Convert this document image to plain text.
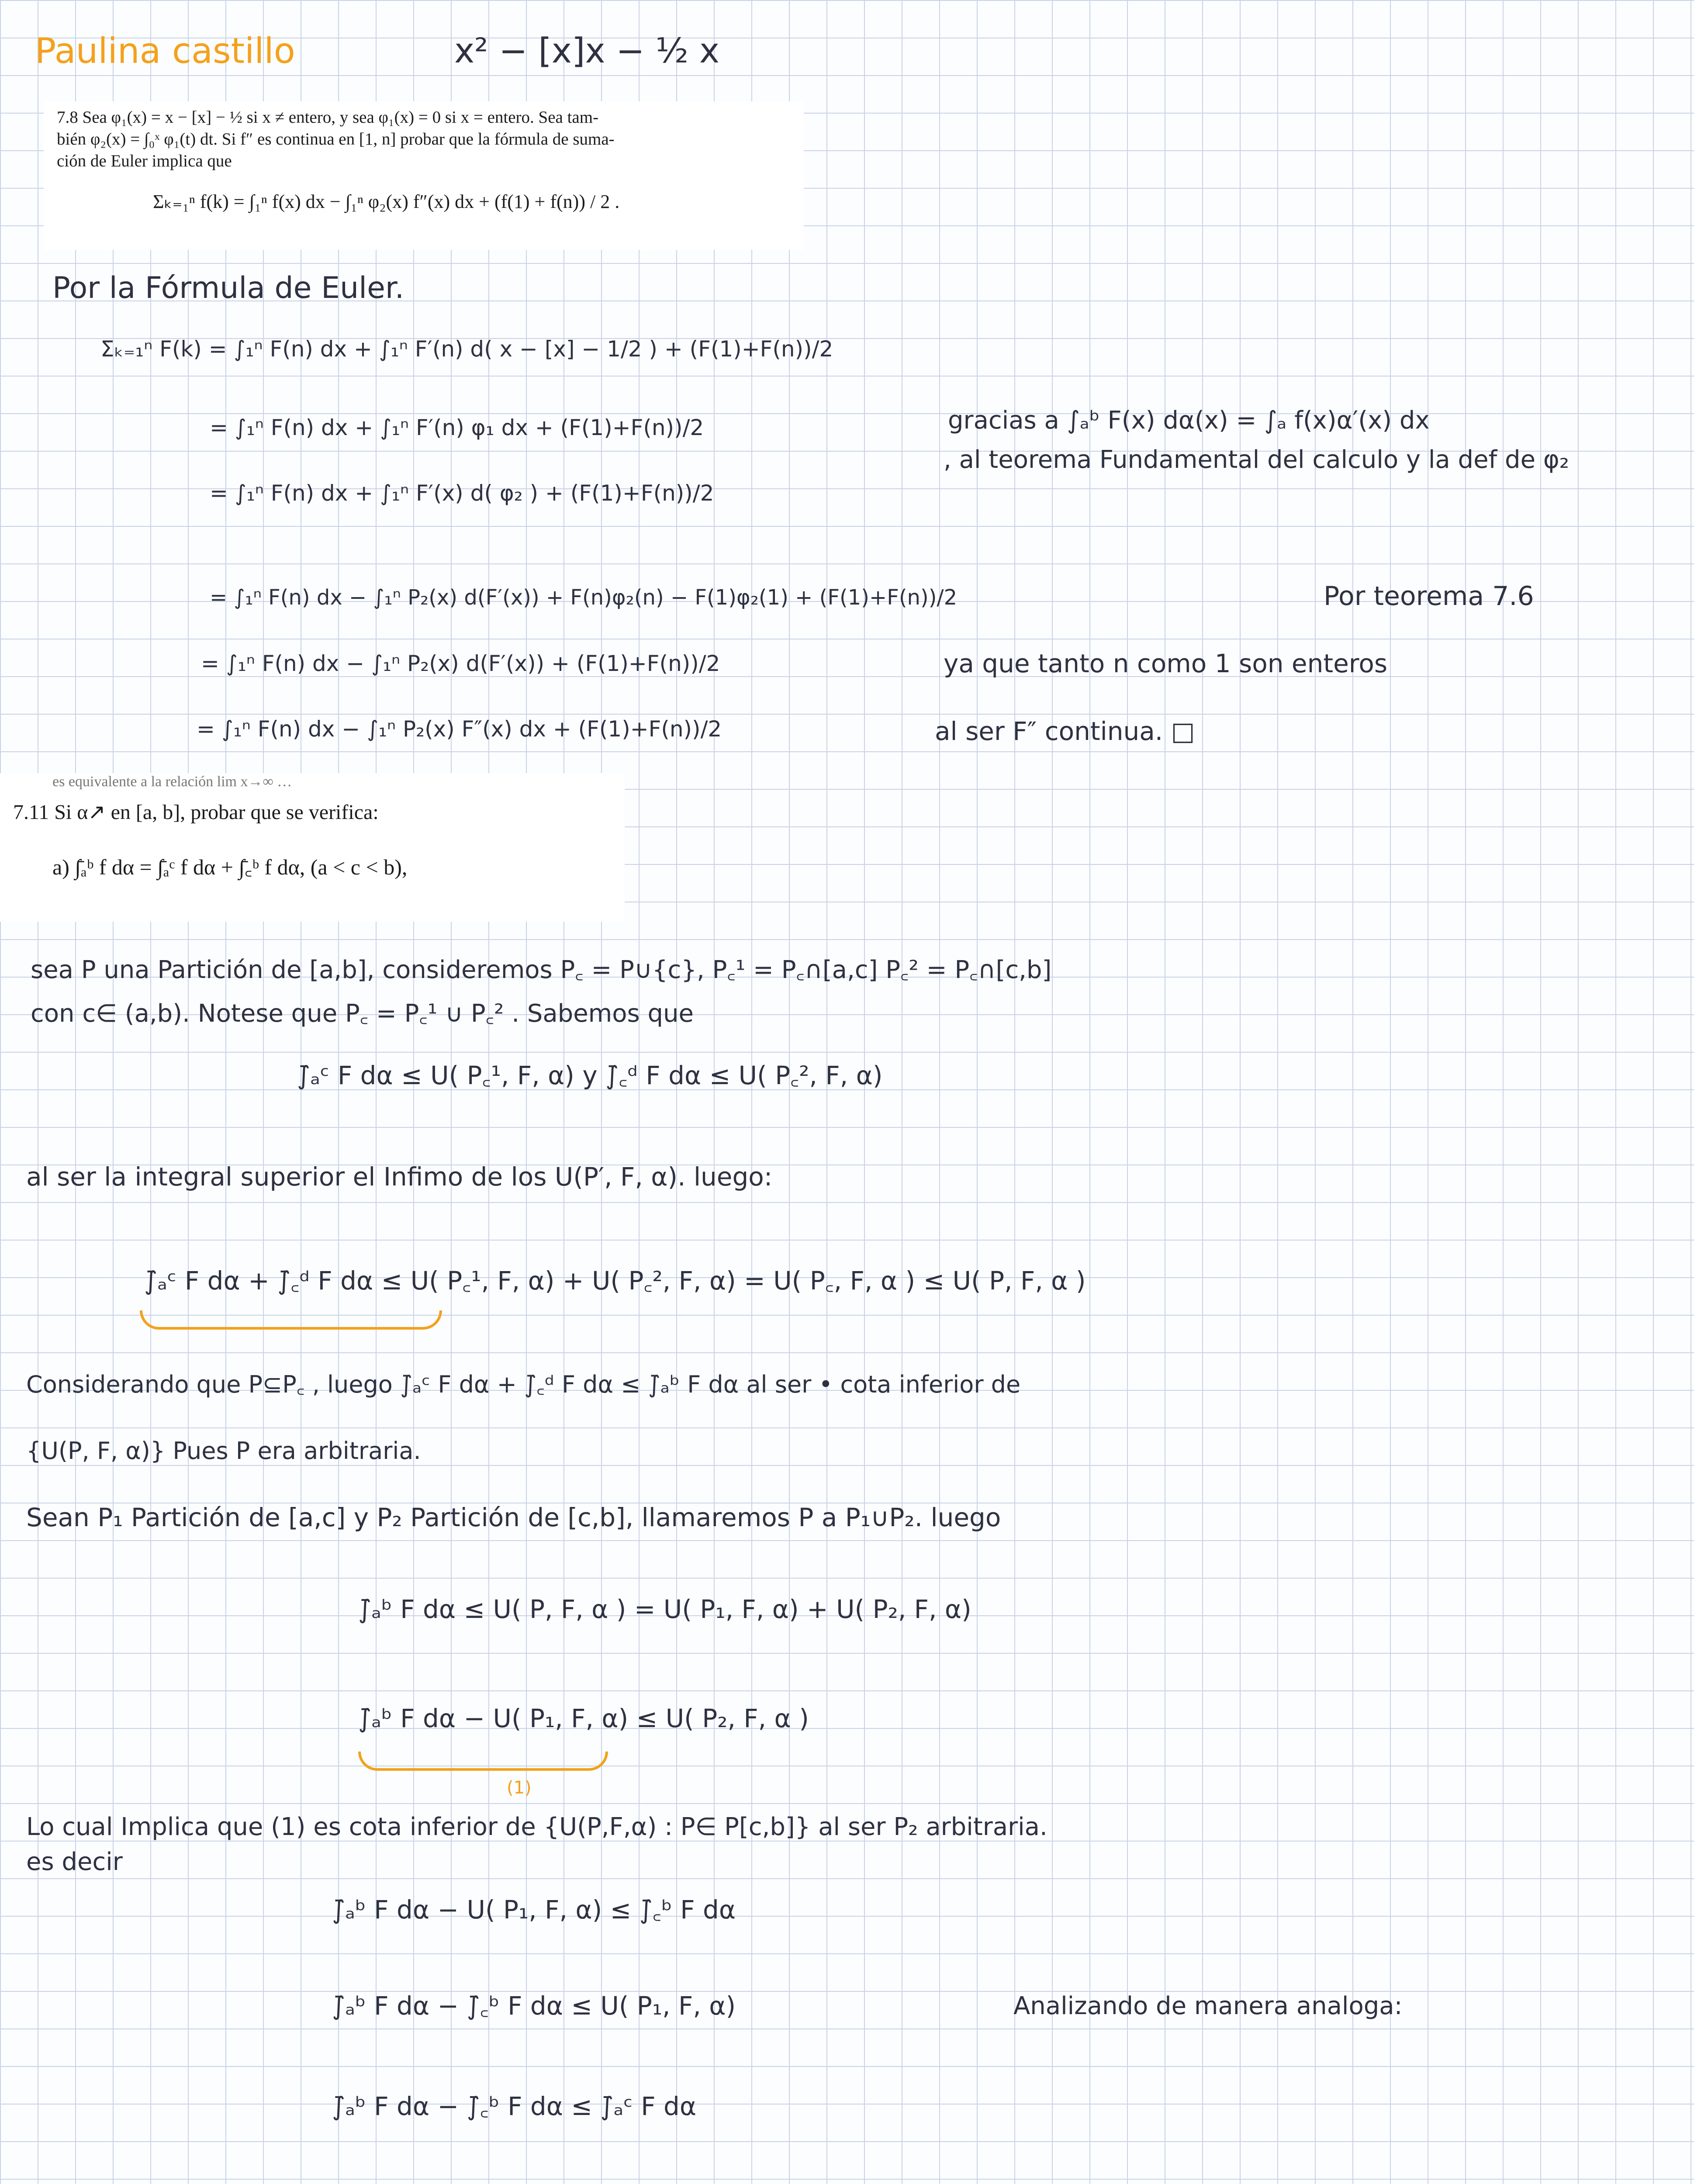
Paulina castillo	x² − [x]x − ½ x
7.8 Sea φ₁(x) = x − [x] − ½ si x ≠ entero, y sea φ₁(x) = 0 si x = entero. Sea tam-
bién φ₂(x) = ∫₀ˣ φ₁(t) dt. Si f″ es continua en [1, n] probar que la fórmula de suma-
ción de Euler implica que
Σₖ₌₁ⁿ f(k) = ∫₁ⁿ f(x) dx − ∫₁ⁿ φ₂(x) f″(x) dx + (f(1) + f(n)) / 2 .
Por la Fórmula de Euler.
Σₖ₌₁ⁿ F(k) = ∫₁ⁿ F(n) dx + ∫₁ⁿ F′(n) d( x − [x] − 1/2 ) + (F(1)+F(n))/2
= ∫₁ⁿ F(n) dx + ∫₁ⁿ F′(n) φ₁ dx + (F(1)+F(n))/2	gracias a ∫ₐᵇ F(x) dα(x) = ∫ₐ f(x)α′(x) dx
= ∫₁ⁿ F(n) dx + ∫₁ⁿ F′(x) d( φ₂ ) + (F(1)+F(n))/2
, al teorema Fundamental del calculo y la def de φ₂
= ∫₁ⁿ F(n) dx − ∫₁ⁿ P₂(x) d(F′(x)) + F(n)φ₂(n) − F(1)φ₂(1) + (F(1)+F(n))/2	Por teorema 7.6
= ∫₁ⁿ F(n) dx − ∫₁ⁿ P₂(x) d(F′(x)) + (F(1)+F(n))/2	ya que tanto n como 1 son enteros
= ∫₁ⁿ F(n) dx − ∫₁ⁿ P₂(x) F″(x) dx + (F(1)+F(n))/2	al ser F″ continua. □
es equivalente a la relación lim x→∞ …
7.11 Si α↗ en [a, b], probar que se verifica:
a) ∫̄ₐᵇ f dα = ∫̄ₐᶜ f dα + ∫̄꜀ᵇ f dα, (a < c < b),
sea P una Partición de [a,b], consideremos P꜀ = P∪{c}, P꜀¹ = P꜀∩[a,c] P꜀² = P꜀∩[c,b]
con c∈ (a,b). Notese que P꜀ = P꜀¹ ∪ P꜀² . Sabemos que
∫̄ₐᶜ F dα ≤ U( P꜀¹, F, α) y ∫̄꜀ᵈ F dα ≤ U( P꜀², F, α)
al ser la integral superior el Infimo de los U(P′, F, α). luego:
∫̄ₐᶜ F dα + ∫̄꜀ᵈ F dα ≤ U( P꜀¹, F, α) + U( P꜀², F, α) = U( P꜀, F, α ) ≤ U( P, F, α )
Considerando que P⊆P꜀ , luego ∫̄ₐᶜ F dα + ∫̄꜀ᵈ F dα ≤ ∫̄ₐᵇ F dα al ser • cota inferior de
{U(P, F, α)} Pues P era arbitraria.
Sean P₁ Partición de [a,c] y P₂ Partición de [c,b], llamaremos P a P₁∪P₂. luego
∫̄ₐᵇ F dα ≤ U( P, F, α ) = U( P₁, F, α) + U( P₂, F, α)
∫̄ₐᵇ F dα − U( P₁, F, α) ≤ U( P₂, F, α )
(1)
Lo cual Implica que (1) es cota inferior de {U(P,F,α) : P∈ P[c,b]} al ser P₂ arbitraria.
es decir
∫̄ₐᵇ F dα − U( P₁, F, α) ≤ ∫̄꜀ᵇ F dα
∫̄ₐᵇ F dα − ∫̄꜀ᵇ F dα ≤ U( P₁, F, α)	Analizando de manera analoga:
∫̄ₐᵇ F dα − ∫̄꜀ᵇ F dα ≤ ∫̄ₐᶜ F dα
